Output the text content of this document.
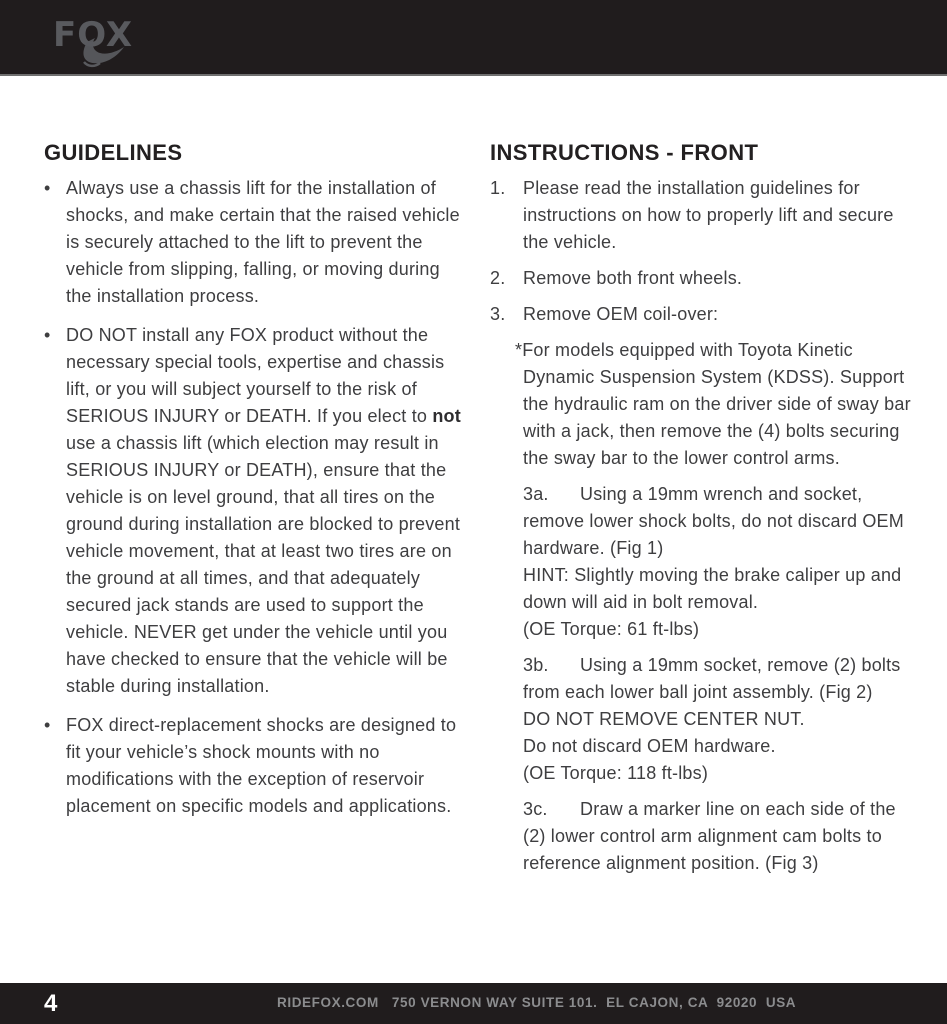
FOX
GUIDELINES
•
Always use a chassis lift for the installation of shocks, and make certain that the raised vehicle is securely attached to the lift to prevent the vehicle from slipping, falling, or moving during the installation process.
•
DO NOT install any FOX product without the necessary special tools, expertise and chassis lift, or you will subject yourself to the risk of SERIOUS INJURY or DEATH. If you elect to not use a chassis lift (which election may result in SERIOUS INJURY or DEATH), ensure that the vehicle is on level ground, that all tires on the ground during installation are blocked to prevent vehicle movement, that at least two tires are on the ground at all times, and that adequately secured jack stands are used to support the vehicle. NEVER get under the vehicle until you have checked to ensure that the vehicle will be stable during installation.
•
FOX direct-replacement shocks are designed to fit your vehicle’s shock mounts with no modifications with the exception of reservoir placement on specific models and applications.
INSTRUCTIONS - FRONT
1. Please read the installation guidelines for instructions on how to properly lift and secure the vehicle.
2. Remove both front wheels.
3. Remove OEM coil-over:

*For models equipped with Toyota Kinetic Dynamic Suspension System (KDSS). Support the hydraulic ram on the driver side of sway bar with a jack, then remove the (4) bolts securing the sway bar to the lower control arms.

3a. Using a 19mm wrench and socket, remove lower shock bolts, do not discard OEM hardware. (Fig 1)
HINT: Slightly moving the brake caliper up and down will aid in bolt removal.
(OE Torque: 61 ft-lbs)
3b. Using a 19mm socket, remove (2) bolts from each lower ball joint assembly. (Fig 2)
DO NOT REMOVE CENTER NUT.
Do not discard OEM hardware.
(OE Torque: 118 ft-lbs)
3c. Draw a marker line on each side of the (2) lower control arm alignment cam bolts to reference alignment position. (Fig 3)
4	RIDEFOX.COM   750 VERNON WAY SUITE 101.  EL CAJON, CA  92020  USA
